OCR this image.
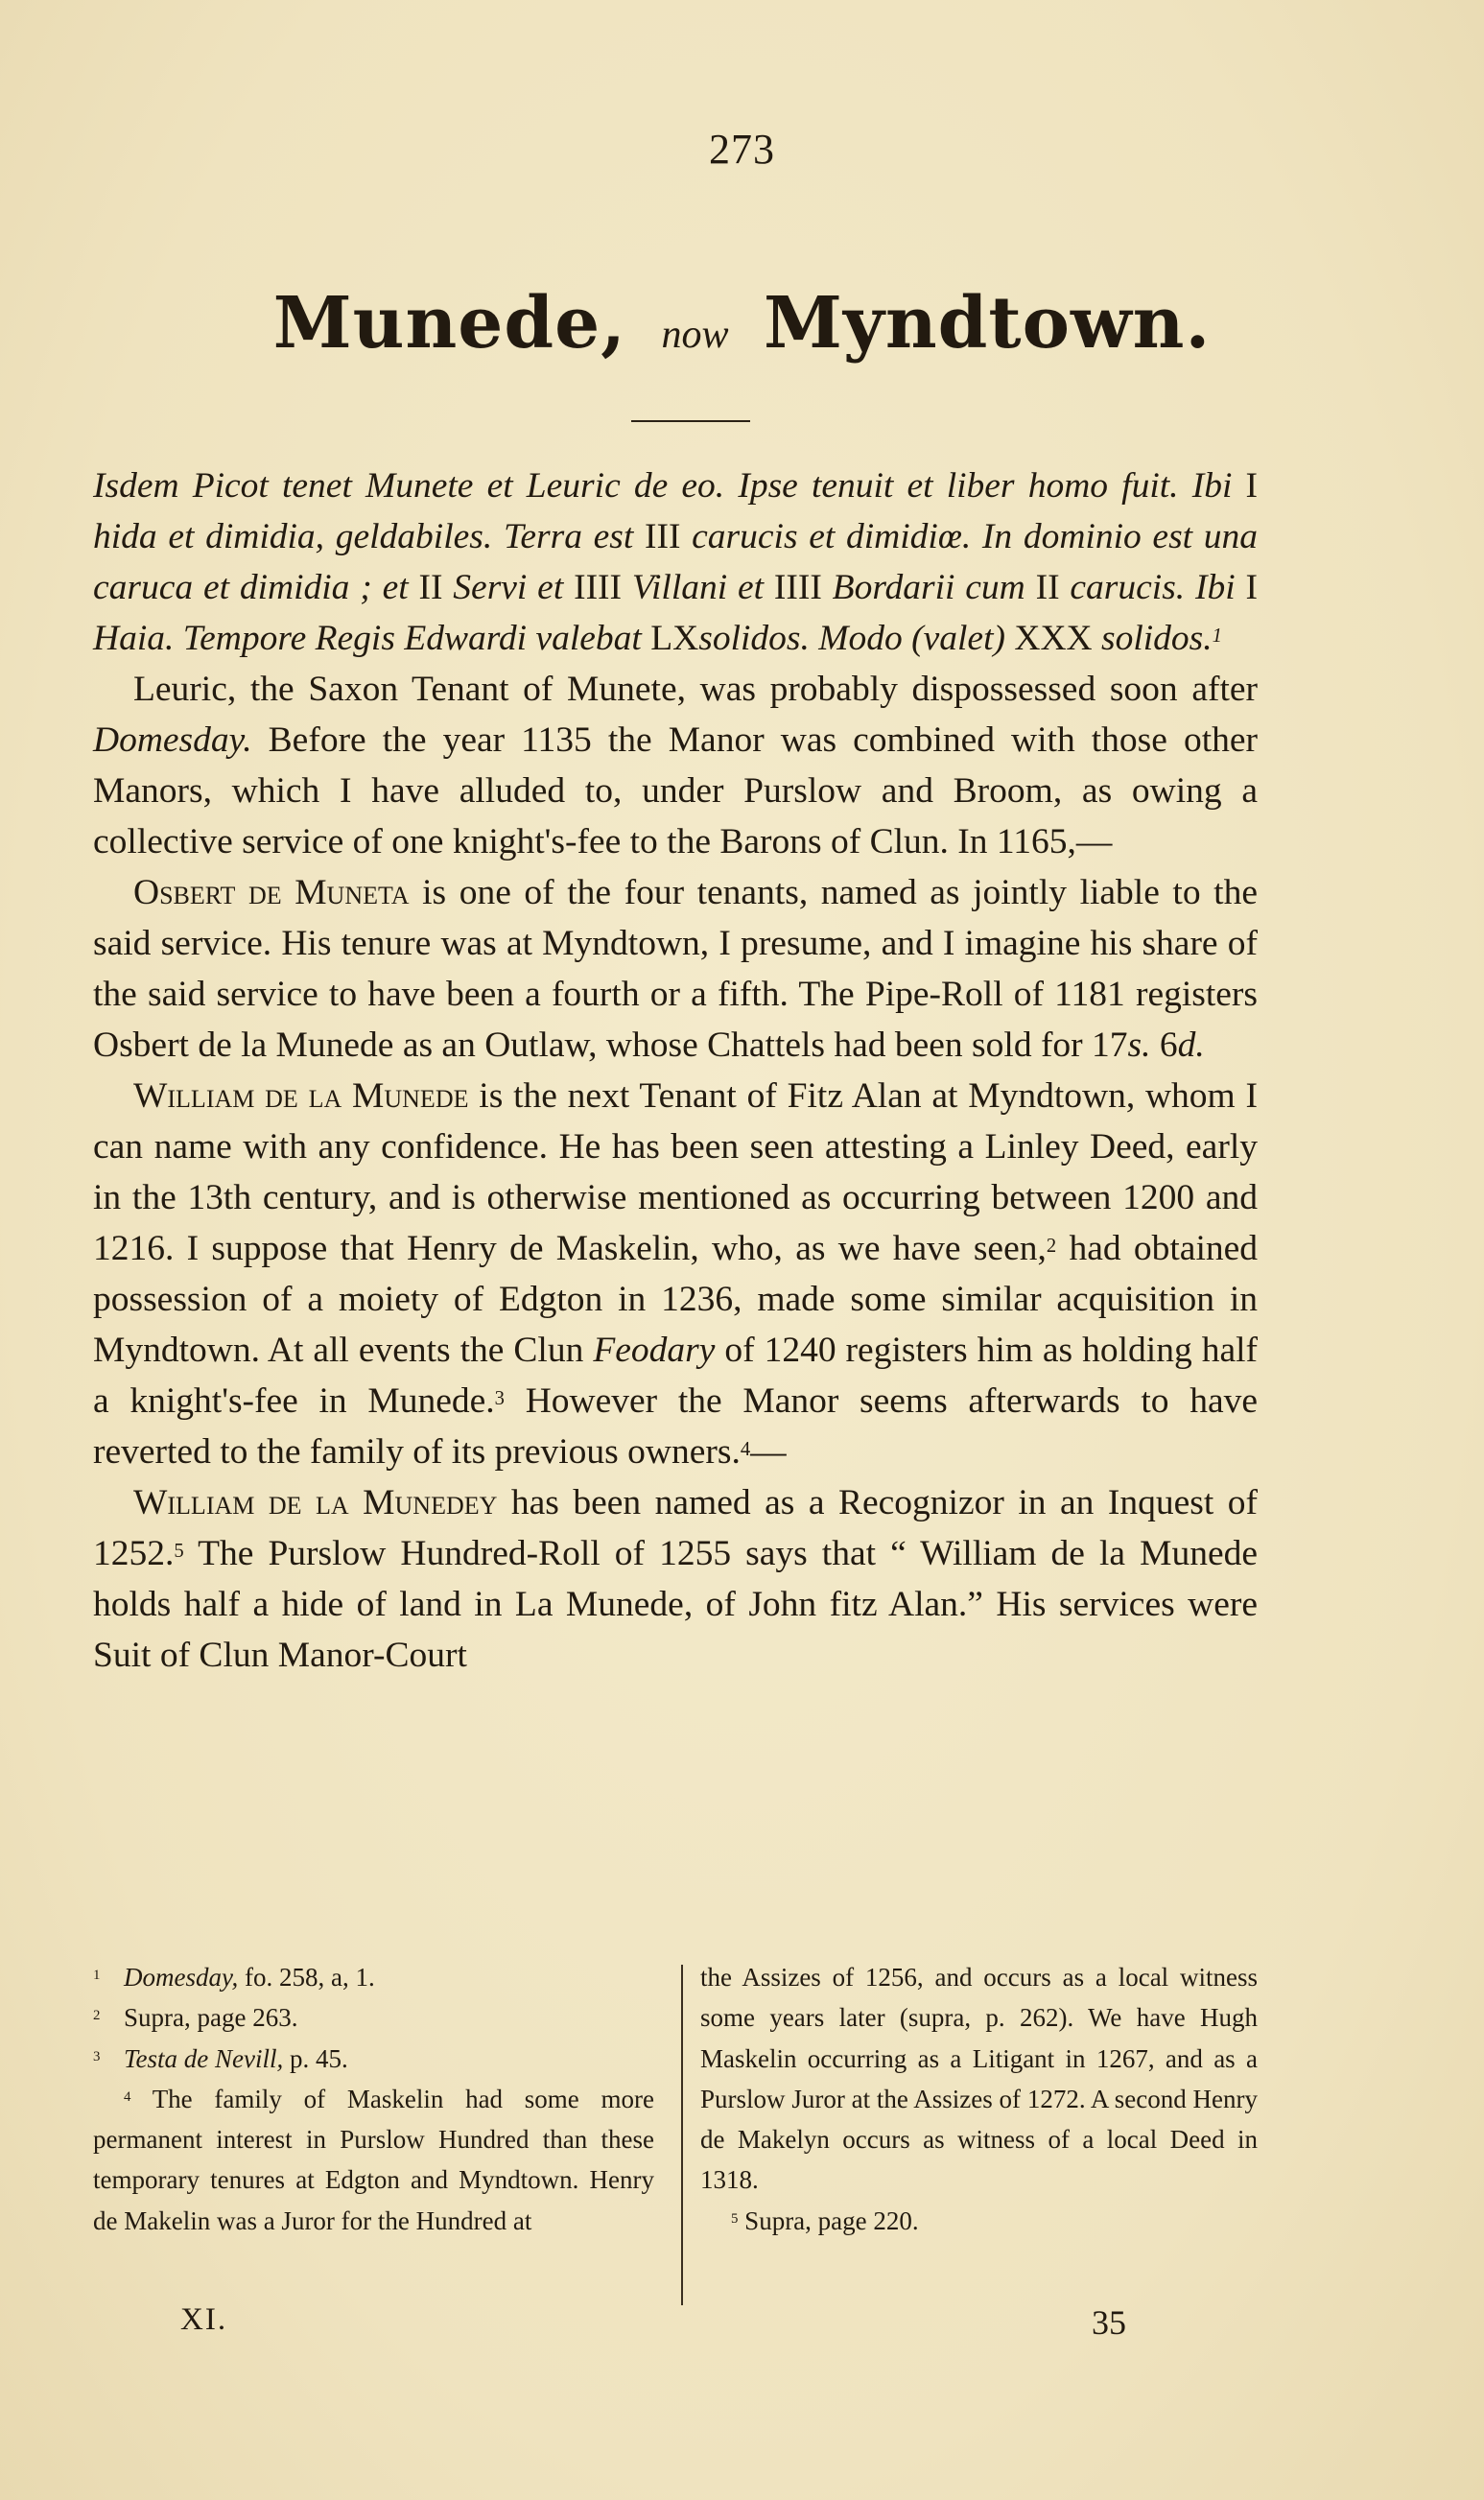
273
Munede, now Myndtown.

Isdem Picot tenet Munete et Leuric de eo. Ipse tenuit et liber homo fuit. Ibi I hida et dimidia, geldabiles. Terra est III carucis et dimidiœ. In dominio est una caruca et dimidia ; et II Servi et IIII Villani et IIII Bordarii cum II carucis. Ibi I Haia. Tempore Regis Edwardi valebat LXsolidos. Modo (valet) XXX solidos.$^1$

Leuric, the Saxon Tenant of Munete, was probably dispossessed soon after Domesday. Before the year 1135 the Manor was combined with those other Manors, which I have alluded to, under Purslow and Broom, as owing a collective service of one knight's-fee to the Barons of Clun. In 1165,—

Osbert de Muneta is one of the four tenants, named as jointly liable to the said service. His tenure was at Myndtown, I presume, and I imagine his share of the said service to have been a fourth or a fifth. The Pipe-Roll of 1181 registers Osbert de la Munede as an Outlaw, whose Chattels had been sold for 17s. 6d.

William de la Munede is the next Tenant of Fitz Alan at Myndtown, whom I can name with any confidence. He has been seen attesting a Linley Deed, early in the 13th century, and is otherwise mentioned as occurring between 1200 and 1216. I suppose that Henry de Maskelin, who, as we have seen,$^2$ had obtained possession of a moiety of Edgton in 1236, made some similar acquisition in Myndtown. At all events the Clun Feodary of 1240 registers him as holding half a knight's-fee in Munede.$^3$ However the Manor seems afterwards to have reverted to the family of its previous owners.$^4$—

William de la Munedey has been named as a Recognizor in an Inquest of 1252.$^5$ The Purslow Hundred-Roll of 1255 says that “ William de la Munede holds half a hide of land in La Munede, of John fitz Alan.” His services were Suit of Clun Manor-Court

$^1$ Domesday, fo. 258, a, 1.

$^2$ Supra, page 263.

$^3$ Testa de Nevill, p. 45.

$^4$ The family of Maskelin had some more permanent interest in Purslow Hundred than these temporary tenures at Edgton and Myndtown. Henry de Makelin was a Juror for the Hundred at

the Assizes of 1256, and occurs as a local witness some years later (supra, p. 262). We have Hugh Maskelin occurring as a Litigant in 1267, and as a Purslow Juror at the Assizes of 1272. A second Henry de Makelyn occurs as witness of a local Deed in 1318.

$^5$ Supra, page 220.

XI.	35
